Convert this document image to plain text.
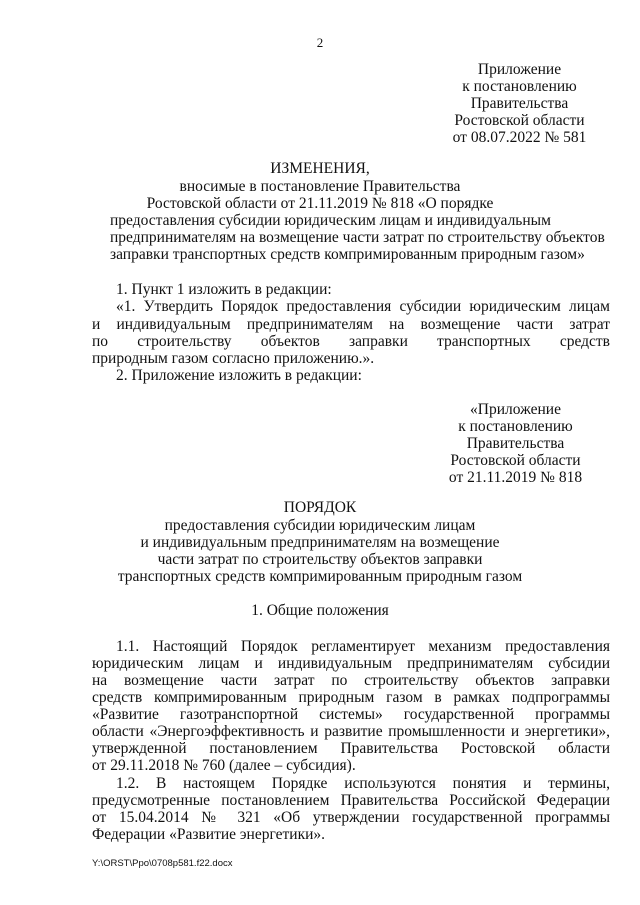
2
Приложение
к постановлению
Правительства
Ростовской области
от 08.07.2022 № 581
ИЗМЕНЕНИЯ,
вносимые в постановление Правительства
Ростовской области от 21.11.2019 № 818 «О порядке
предоставления субсидии юридическим лицам и индивидуальным
предпринимателям на возмещение части затрат по строительству объектов
заправки транспортных средств компримированным природным газом»
1. Пункт 1 изложить в редакции:
«1. Утвердить Порядок предоставления субсидии юридическим лицам
и индивидуальным предпринимателям на возмещение части затрат
по строительству объектов заправки транспортных средств
природным газом согласно приложению.».
2. Приложение изложить в редакции:
«Приложение
к постановлению
Правительства
Ростовской области
от 21.11.2019 № 818
ПОРЯДОК
предоставления субсидии юридическим лицам
и индивидуальным предпринимателям на возмещение
части затрат по строительству объектов заправки
транспортных средств компримированным природным газом
1. Общие положения
1.1. Настоящий Порядок регламентирует механизм предоставления
юридическим лицам и индивидуальным предпринимателям субсидии
на возмещение части затрат по строительству объектов заправки
средств компримированным природным газом в рамках подпрограммы
«Развитие газотранспортной системы» государственной программы
области «Энергоэффективность и развитие промышленности и энергетики»,
утвержденной постановлением Правительства Ростовской области
от 29.11.2018 № 760 (далее – субсидия).
1.2. В настоящем Порядке используются понятия и термины,
предусмотренные постановлением Правительства Российской Федерации
от 15.04.2014 № 321 «Об утверждении государственной программы
Федерации «Развитие энергетики».
Y:\ORST\Ppo\0708p581.f22.docx
